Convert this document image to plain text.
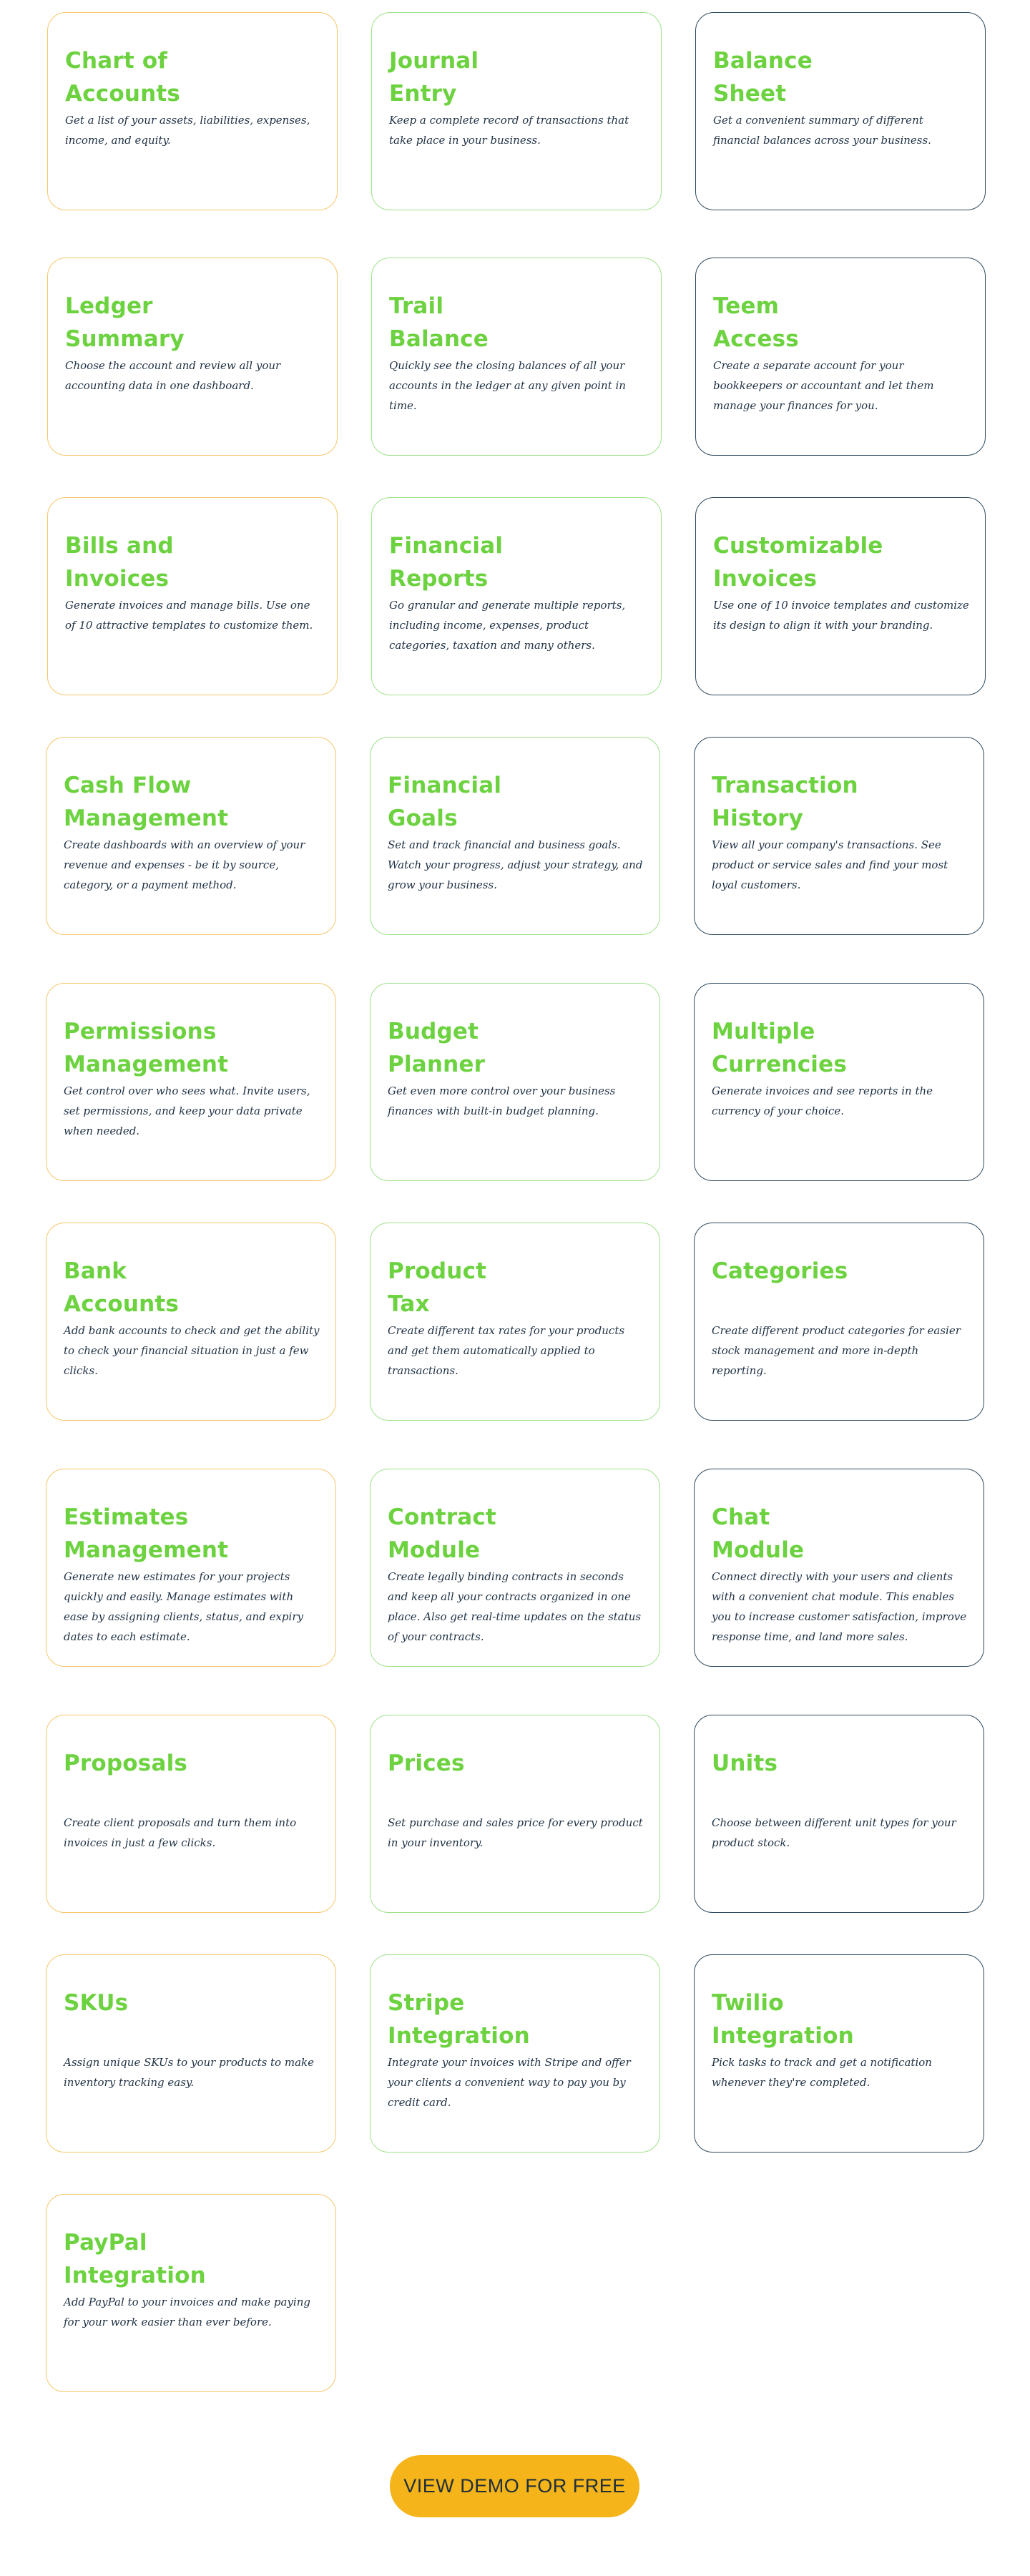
Chart of
Accounts

Get a list of your assets, liabilities, expenses, income, and equity.

Journal
Entry

Keep a complete record of transactions that take place in your business.

Balance
Sheet

Get a convenient summary of different financial balances across your business.

Ledger
Summary

Choose the account and review all your accounting data in one dashboard.

Trail
Balance

Quickly see the closing balances of all your accounts in the ledger at any given point in time.

Teem
Access

Create a separate account for your bookkeepers or accountant and let them manage your finances for you.

Bills and
Invoices

Generate invoices and manage bills. Use one of 10 attractive templates to customize them.

Financial
Reports

Go granular and generate multiple reports, including income, expenses, product categories, taxation and many others.

Customizable
Invoices

Use one of 10 invoice templates and customize its design to align it with your branding.

Cash Flow
Management

Create dashboards with an overview of your revenue and expenses - be it by source, category, or a payment method.

Financial
Goals

Set and track financial and business goals. Watch your progress, adjust your strategy, and grow your business.

Transaction
History

View all your company's transactions. See product or service sales and find your most loyal customers.

Permissions
Management

Get control over who sees what. Invite users, set permissions, and keep your data private when needed.

Budget
Planner

Get even more control over your business finances with built-in budget planning.

Multiple
Currencies

Generate invoices and see reports in the currency of your choice.

Bank
Accounts

Add bank accounts to check and get the ability to check your financial situation in just a few clicks.

Product
Tax

Create different tax rates for your products and get them automatically applied to transactions.

Categories

Create different product categories for easier stock management and more in-depth reporting.

Estimates
Management

Generate new estimates for your projects quickly and easily. Manage estimates with ease by assigning clients, status, and expiry dates to each estimate.

Contract
Module

Create legally binding contracts in seconds and keep all your contracts organized in one place. Also get real-time updates on the status of your contracts.

Chat
Module

Connect directly with your users and clients with a convenient chat module. This enables you to increase customer satisfaction, improve response time, and land more sales.

Proposals

Create client proposals and turn them into invoices in just a few clicks.

Prices

Set purchase and sales price for every product in your inventory.

Units

Choose between different unit types for your product stock.

SKUs

Assign unique SKUs to your products to make inventory tracking easy.

Stripe
Integration

Integrate your invoices with Stripe and offer your clients a convenient way to pay you by credit card.

Twilio
Integration

Pick tasks to track and get a notification whenever they're completed.

PayPal
Integration

Add PayPal to your invoices and make paying for your work easier than ever before.

VIEW DEMO FOR FREE
